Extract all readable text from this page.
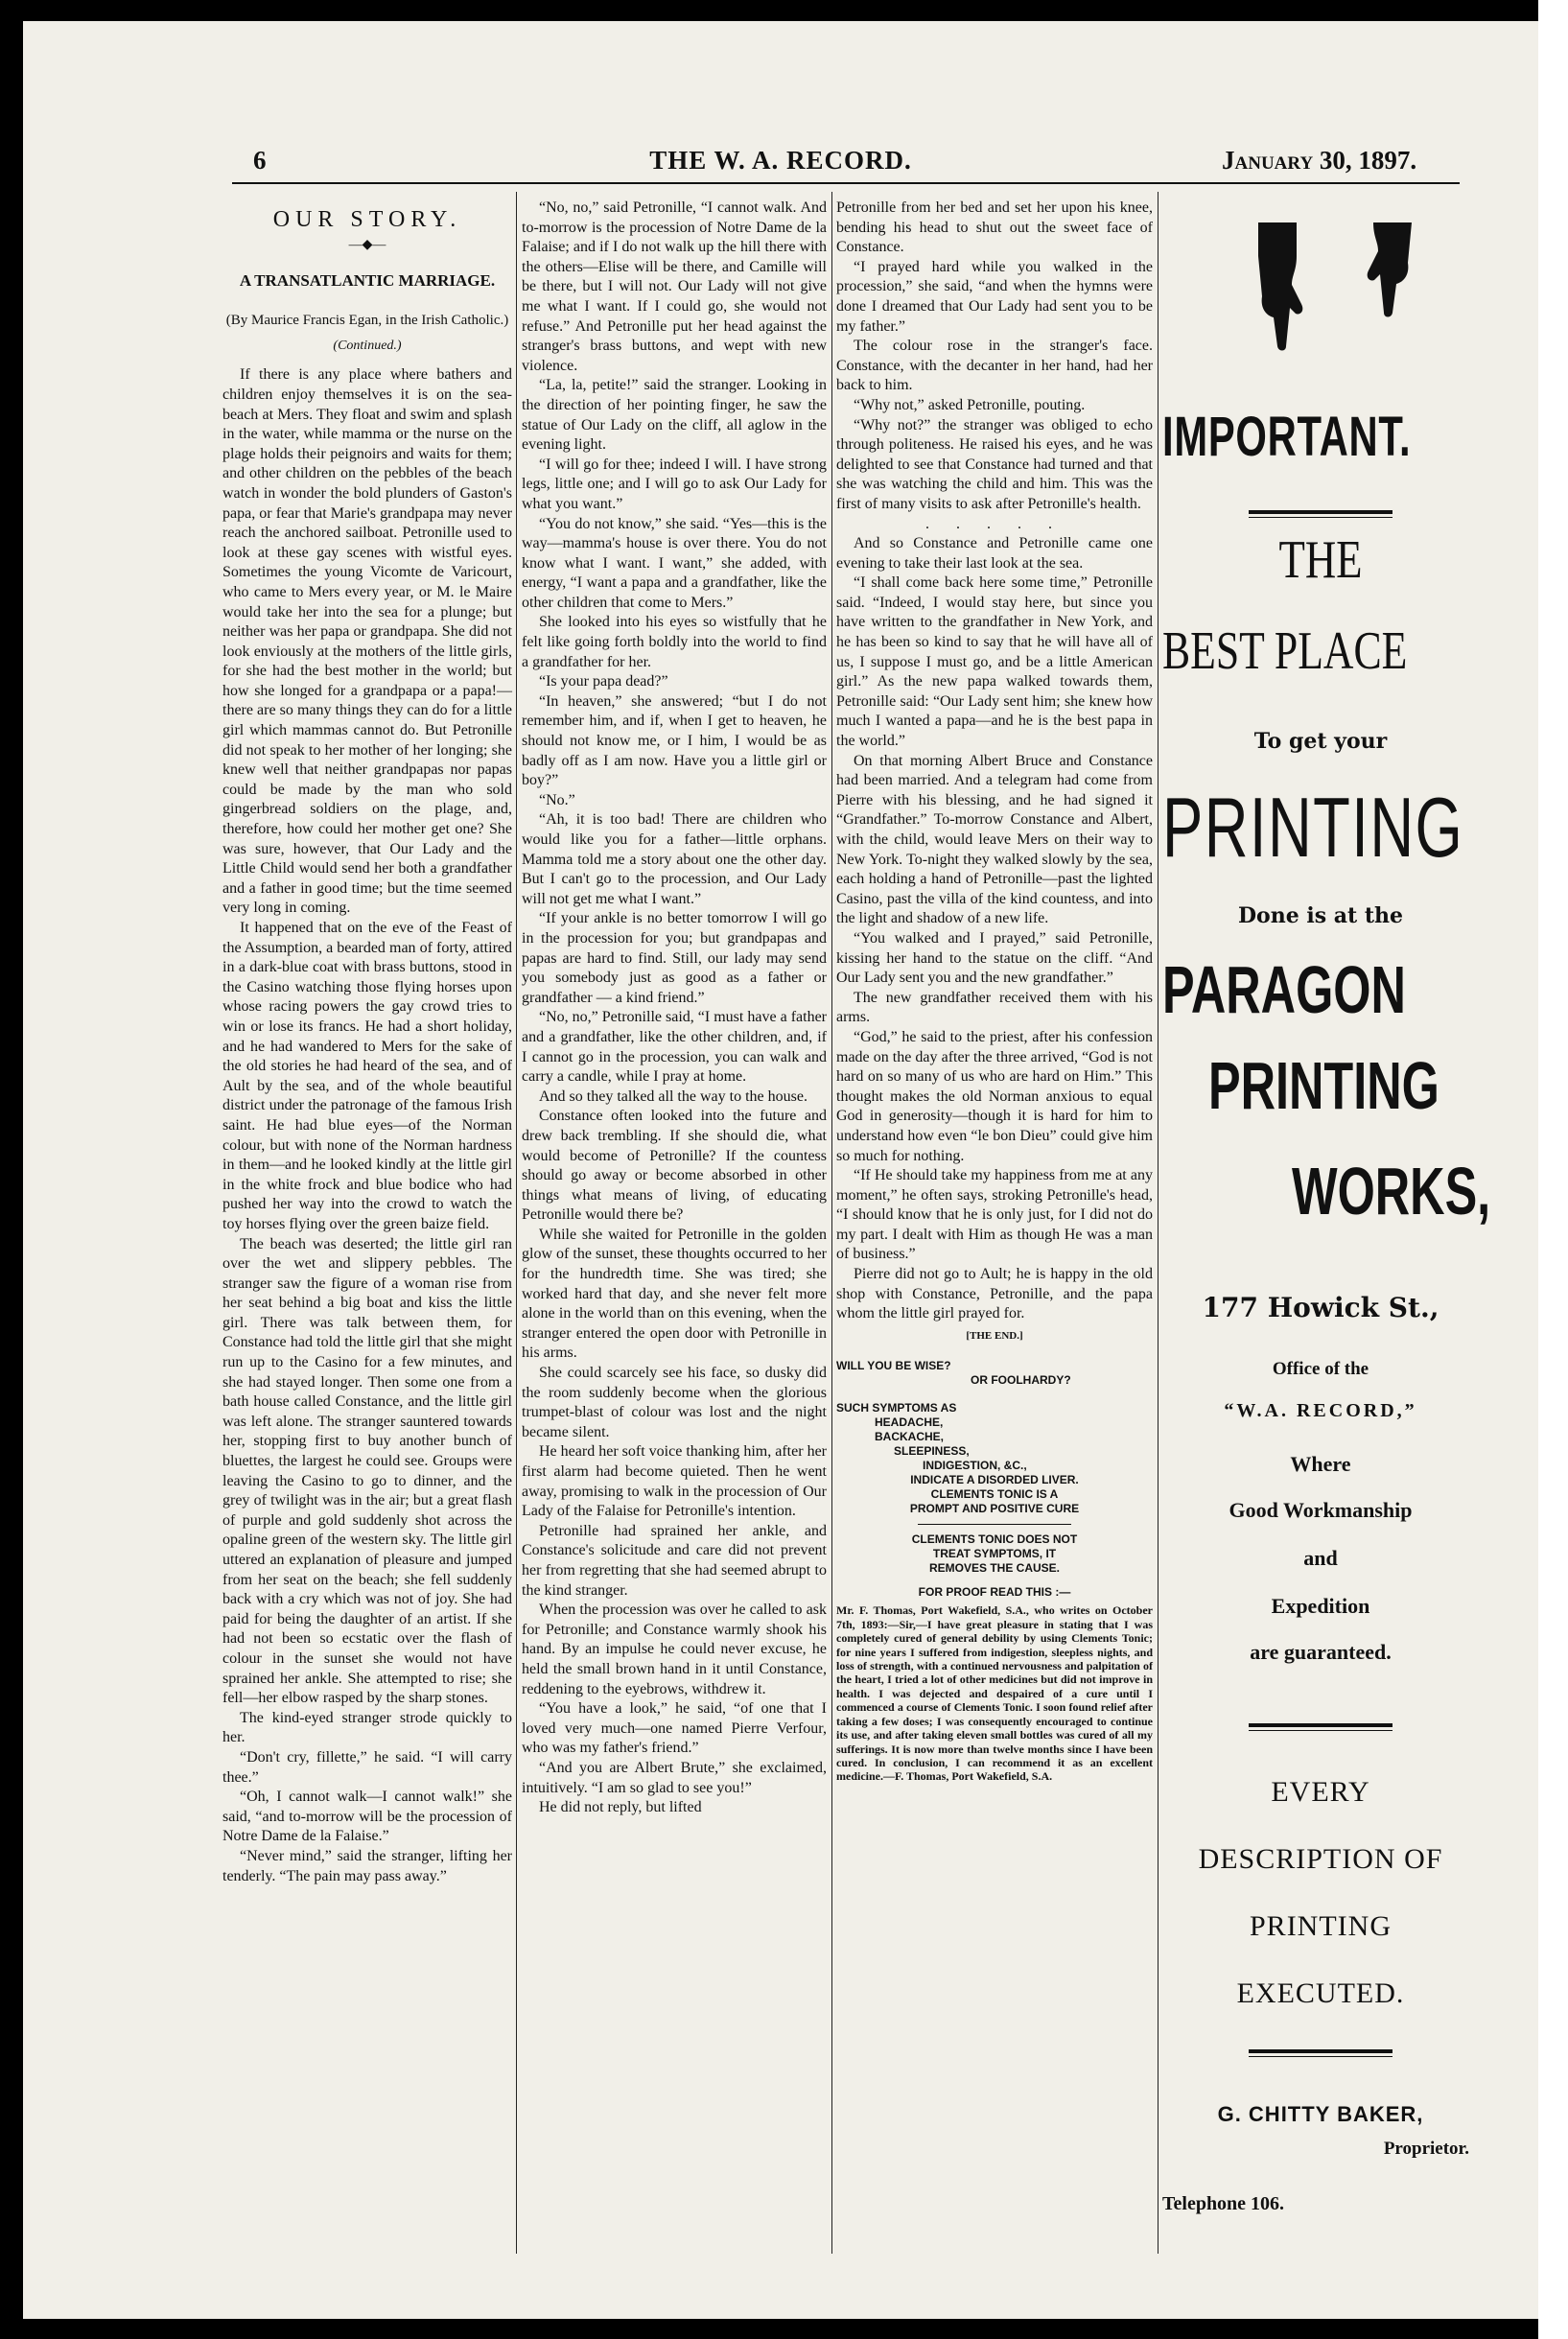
6	THE W. A. RECORD.	January 30, 1897.
OUR STORY.
—◆—
A TRANSATLANTIC MARRIAGE.
(By Maurice Francis Egan, in the Irish Catholic.)
(Continued.)

If there is any place where bathers and children enjoy themselves it is on the sea-beach at Mers. They float and swim and splash in the water, while mamma or the nurse on the plage holds their peignoirs and waits for them; and other children on the pebbles of the beach watch in wonder the bold plunders of Gaston's papa, or fear that Marie's grandpapa may never reach the anchored sailboat. Petronille used to look at these gay scenes with wistful eyes. Sometimes the young Vicomte de Varicourt, who came to Mers every year, or M. le Maire would take her into the sea for a plunge; but neither was her papa or grandpapa. She did not look enviously at the mothers of the little girls, for she had the best mother in the world; but how she longed for a grandpapa or a papa!—there are so many things they can do for a little girl which mammas cannot do. But Petronille did not speak to her mother of her longing; she knew well that neither grandpapas nor papas could be made by the man who sold gingerbread soldiers on the plage, and, therefore, how could her mother get one? She was sure, however, that Our Lady and the Little Child would send her both a grandfather and a father in good time; but the time seemed very long in coming.

It happened that on the eve of the Feast of the Assumption, a bearded man of forty, attired in a dark-blue coat with brass buttons, stood in the Casino watching those flying horses upon whose racing powers the gay crowd tries to win or lose its francs. He had a short holiday, and he had wandered to Mers for the sake of the old stories he had heard of the sea, and of Ault by the sea, and of the whole beautiful district under the patronage of the famous Irish saint. He had blue eyes—of the Norman colour, but with none of the Norman hardness in them—and he looked kindly at the little girl in the white frock and blue bodice who had pushed her way into the crowd to watch the toy horses flying over the green baize field.

The beach was deserted; the little girl ran over the wet and slippery pebbles. The stranger saw the figure of a woman rise from her seat behind a big boat and kiss the little girl. There was talk between them, for Constance had told the little girl that she might run up to the Casino for a few minutes, and she had stayed longer. Then some one from a bath house called Constance, and the little girl was left alone. The stranger sauntered towards her, stopping first to buy another bunch of bluettes, the largest he could see. Groups were leaving the Casino to go to dinner, and the grey of twilight was in the air; but a great flash of purple and gold suddenly shot across the opaline green of the western sky. The little girl uttered an explanation of pleasure and jumped from her seat on the beach; she fell suddenly back with a cry which was not of joy. She had paid for being the daughter of an artist. If she had not been so ecstatic over the flash of colour in the sunset she would not have sprained her ankle. She attempted to rise; she fell—her elbow rasped by the sharp stones.

The kind-eyed stranger strode quickly to her.

“Don't cry, fillette,” he said. “I will carry thee.”

“Oh, I cannot walk—I cannot walk!” she said, “and to-morrow will be the procession of Notre Dame de la Falaise.”

“Never mind,” said the stranger, lifting her tenderly. “The pain may pass away.”

“No, no,” said Petronille, “I cannot walk. And to-morrow is the procession of Notre Dame de la Falaise; and if I do not walk up the hill there with the others—Elise will be there, and Camille will be there, but I will not. Our Lady will not give me what I want. If I could go, she would not refuse.” And Petronille put her head against the stranger's brass buttons, and wept with new violence.

“La, la, petite!” said the stranger. Looking in the direction of her pointing finger, he saw the statue of Our Lady on the cliff, all aglow in the evening light.

“I will go for thee; indeed I will. I have strong legs, little one; and I will go to ask Our Lady for what you want.”

“You do not know,” she said. “Yes—this is the way—mamma's house is over there. You do not know what I want. I want,” she added, with energy, “I want a papa and a grandfather, like the other children that come to Mers.”

She looked into his eyes so wistfully that he felt like going forth boldly into the world to find a grandfather for her.

“Is your papa dead?”

“In heaven,” she answered; “but I do not remember him, and if, when I get to heaven, he should not know me, or I him, I would be as badly off as I am now. Have you a little girl or boy?”

“No.”

“Ah, it is too bad! There are children who would like you for a father—little orphans. Mamma told me a story about one the other day. But I can't go to the procession, and Our Lady will not get me what I want.”

“If your ankle is no better tomorrow I will go in the procession for you; but grandpapas and papas are hard to find. Still, our lady may send you somebody just as good as a father or grandfather — a kind friend.”

“No, no,” Petronille said, “I must have a father and a grandfather, like the other children, and, if I cannot go in the procession, you can walk and carry a candle, while I pray at home.

And so they talked all the way to the house.

Constance often looked into the future and drew back trembling. If she should die, what would become of Petronille? If the countess should go away or become absorbed in other things what means of living, of educating Petronille would there be?

While she waited for Petronille in the golden glow of the sunset, these thoughts occurred to her for the hundredth time. She was tired; she worked hard that day, and she never felt more alone in the world than on this evening, when the stranger entered the open door with Petronille in his arms.

She could scarcely see his face, so dusky did the room suddenly become when the glorious trumpet-blast of colour was lost and the night became silent.

He heard her soft voice thanking him, after her first alarm had become quieted. Then he went away, promising to walk in the procession of Our Lady of the Falaise for Petronille's intention.

Petronille had sprained her ankle, and Constance's solicitude and care did not prevent her from regretting that she had seemed abrupt to the kind stranger.

When the procession was over he called to ask for Petronille; and Constance warmly shook his hand. By an impulse he could never excuse, he held the small brown hand in it until Constance, reddening to the eyebrows, withdrew it.

“You have a look,” he said, “of one that I loved very much—one named Pierre Verfour, who was my father's friend.”

“And you are Albert Brute,” she exclaimed, intuitively. “I am so glad to see you!”

He did not reply, but lifted

Petronille from her bed and set her upon his knee, bending his head to shut out the sweet face of Constance.

“I prayed hard while you walked in the procession,” she said, “and when the hymns were done I dreamed that Our Lady had sent you to be my father.”

The colour rose in the stranger's face. Constance, with the decanter in her hand, had her back to him.

“Why not,” asked Petronille, pouting.

“Why not?” the stranger was obliged to echo through politeness. He raised his eyes, and he was delighted to see that Constance had turned and that she was watching the child and him. This was the first of many visits to ask after Petronille's health.

. . . . .

And so Constance and Petronille came one evening to take their last look at the sea.

“I shall come back here some time,” Petronille said. “Indeed, I would stay here, but since you have written to the grandfather in New York, and he has been so kind to say that he will have all of us, I suppose I must go, and be a little American girl.” As the new papa walked towards them, Petronille said: “Our Lady sent him; she knew how much I wanted a papa—and he is the best papa in the world.”

On that morning Albert Bruce and Constance had been married. And a telegram had come from Pierre with his blessing, and he had signed it “Grandfather.” To-morrow Constance and Albert, with the child, would leave Mers on their way to New York. To-night they walked slowly by the sea, each holding a hand of Petronille—past the lighted Casino, past the villa of the kind countess, and into the light and shadow of a new life.

“You walked and I prayed,” said Petronille, kissing her hand to the statue on the cliff. “And Our Lady sent you and the new grandfather.”

The new grandfather received them with his arms.

“God,” he said to the priest, after his confession made on the day after the three arrived, “God is not hard on so many of us who are hard on Him.” This thought makes the old Norman anxious to equal God in generosity—though it is hard for him to understand how even “le bon Dieu” could give him so much for nothing.

“If He should take my happiness from me at any moment,” he often says, stroking Petronille's head, “I should know that he is only just, for I did not do my part. I dealt with Him as though He was a man of business.”

Pierre did not go to Ault; he is happy in the old shop with Constance, Petronille, and the papa whom the little girl prayed for.

[THE END.]
WILL YOU BE WISE?
OR FOOLHARDY?
SUCH SYMPTOMS AS
HEADACHE,
BACKACHE,
SLEEPINESS,
INDIGESTION, &C.,
INDICATE A DISORDED LIVER.
CLEMENTS TONIC IS A
PROMPT AND POSITIVE CURE
CLEMENTS TONIC DOES NOT
TREAT SYMPTOMS, IT
REMOVES THE CAUSE.
FOR PROOF READ THIS :—
Mr. F. Thomas, Port Wakefield, S.A., who writes on October 7th, 1893:—Sir,—I have great pleasure in stating that I was completely cured of general debility by using Clements Tonic; for nine years I suffered from indigestion, sleepless nights, and loss of strength, with a continued nervousness and palpitation of the heart, I tried a lot of other medicines but did not improve in health. I was dejected and despaired of a cure until I commenced a course of Clements Tonic. I soon found relief after taking a few doses; I was consequently encouraged to continue its use, and after taking eleven small bottles was cured of all my sufferings. It is now more than twelve months since I have been cured. In conclusion, I can recommend it as an excellent medicine.—F. Thomas, Port Wakefield, S.A.
IMPORTANT.
THE
BEST PLACE
To get your
PRINTING
Done is at the
PARAGON
PRINTING
WORKS,
177 Howick St.,
Office of the
“W.A. RECORD,”
Where
Good Workmanship
and
Expedition
are guaranteed.
EVERY
DESCRIPTION OF
PRINTING
EXECUTED.
G. CHITTY BAKER,
Proprietor.
Telephone 106.
